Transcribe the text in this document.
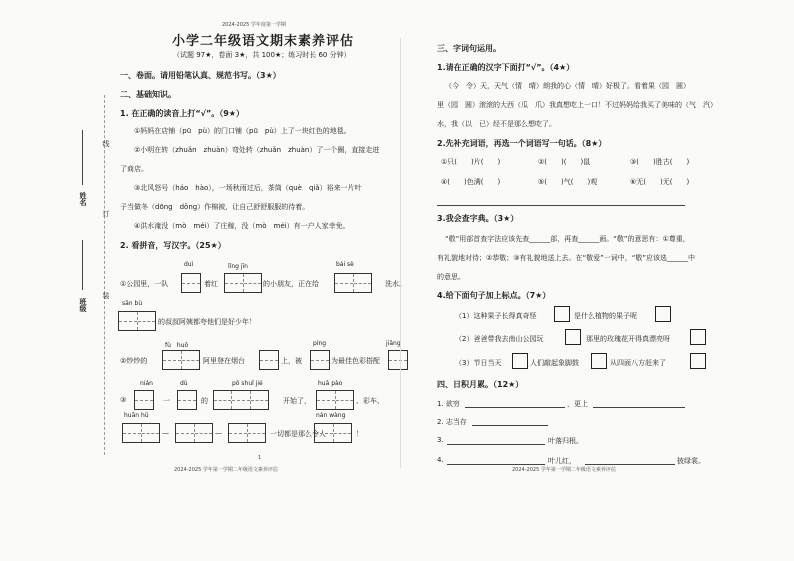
线
订
装
姓名
班级
2024-2025 学年度第一学期
小学二年级语文期末素养评估
（试题 97★，卷面 3★，共 100★；练习时长 60 分钟）
一、卷面。请用铅笔认真、规范书写。（3★）
二、基础知识。
1. 在正确的读音上打“√”。（9★）
①妈妈在店铺（pū　pù）的门口铺（pū　pù）上了一块红色的地毯。
②小明在转（zhuǎn　zhuàn）弯处转（zhuǎn　zhuàn）了一个圈，直接走进
了商店。
③北风怒号（háo　hào），一场秋雨过后，茶筒（què　qiǎ）裕来一片叶
子当做冬（dōng　dǒng）作棉被，让自己舒舒服服的待着。
④洪水淹没（mò　méi）了庄稼，没（mò　méi）有一户人家幸免。
2. 看拼音，写汉字。（25★）
duì	lǐng jīn	bái sè
①公园里，一队	着红	的小朋友，正在给	洗水。
sān bù
的叔叔阿姨都夸他们是好少年！
fù　huǒ	píng	jiāng
②炒炒的	阿里登在烟台	上，被	为最佳色彩搭配
nián	dù	pō shuǐ jié	huā pào
③	一	的	开始了，	、彩车、
huān hū	nán wàng
—	—	一切都是那么令人	！
1
2024-2025 学年第一学期二年级语文素养评估
三、字词句运用。
1.请在正确的汉字下面打“√”。（4★）
（今　令）天，天气（情　晴）朗我的心（情　晴）好极了。看着果（园　圆）
里（园　圆）滚滚的大西（瓜　爪）我真想吃上一口！不过妈妈给我买了美味的（气　汽）
水，我（以　已）经不是那么想吃了。
2.先补充词语，再选一个词语写一句话。（8★）
①只(　　)片(　　)	②(　　)(　　)鼠	③(　　)胜古(　　)
④(　　)色满(　　)	⑤(　　)气(　　)观	⑥无(　　)无(　　)
3.我会查字典。（3★）
“敬”用部首查字法应该先查______部，再查______画。“敬”的意思有：①尊重，
有礼貌地对待；②恭敬；③有礼貌地送上去。在“敬爱”一词中，“敬”应该选______中
的意思。
4.给下面句子加上标点。（7★）
（1）这种果子长得真奇怪	是什么植物的果子呢
（2）爸爸带我去南山公园玩	那里的玫瑰花开得真漂亮呀
（3）节日当天	人们敲起象脚鼓	从四面八方赶来了
四、日积月累。（12★）
1. 欲穷	，更上
2. 志当存
3.	叶落归根。
4.	叶儿红，	披绿裳。
2024-2025 学年第一学期二年级语文素养评估
